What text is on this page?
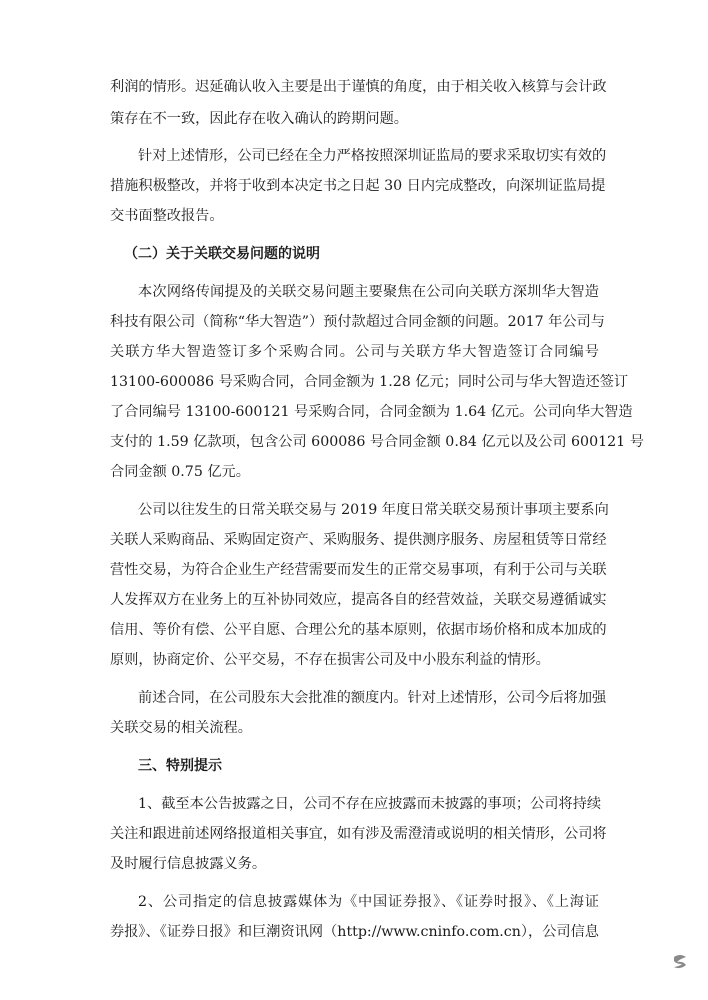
利润的情形。迟延确认收入主要是出于谨慎的角度，由于相关收入核算与会计政
策存在不一致，因此存在收入确认的跨期问题。
针对上述情形，公司已经在全力严格按照深圳证监局的要求采取切实有效的
措施积极整改，并将于收到本决定书之日起 30 日内完成整改，向深圳证监局提
交书面整改报告。
（二）关于关联交易问题的说明
本次网络传闻提及的关联交易问题主要聚焦在公司向关联方深圳华大智造
科技有限公司（简称“华大智造”）预付款超过合同金额的问题。2017 年公司与
关联方华大智造签订多个采购合同。公司与关联方华大智造签订合同编号
13100-600086 号采购合同，合同金额为 1.28 亿元；同时公司与华大智造还签订
了合同编号 13100-600121 号采购合同，合同金额为 1.64 亿元。公司向华大智造
支付的 1.59 亿款项，包含公司 600086 号合同金额 0.84 亿元以及公司 600121 号
合同金额 0.75 亿元。
公司以往发生的日常关联交易与 2019 年度日常关联交易预计事项主要系向
关联人采购商品、采购固定资产、采购服务、提供测序服务、房屋租赁等日常经
营性交易，为符合企业生产经营需要而发生的正常交易事项，有利于公司与关联
人发挥双方在业务上的互补协同效应，提高各自的经营效益，关联交易遵循诚实
信用、等价有偿、公平自愿、合理公允的基本原则，依据市场价格和成本加成的
原则，协商定价、公平交易，不存在损害公司及中小股东利益的情形。
前述合同，在公司股东大会批准的额度内。针对上述情形，公司今后将加强
关联交易的相关流程。
三、特别提示
1、截至本公告披露之日，公司不存在应披露而未披露的事项；公司将持续
关注和跟进前述网络报道相关事宜，如有涉及需澄清或说明的相关情形，公司将
及时履行信息披露义务。
2、公司指定的信息披露媒体为《中国证券报》、《证券时报》、《上海证
券报》、《证券日报》和巨潮资讯网（http://www.cninfo.com.cn），公司信息
